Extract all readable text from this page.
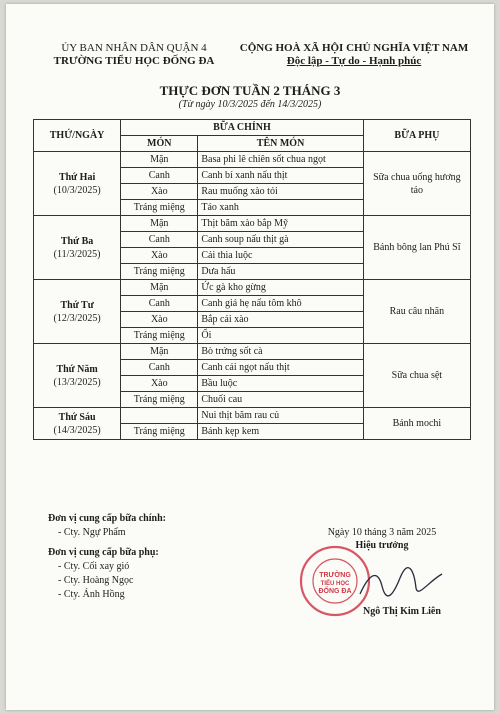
ỦY BAN NHÂN DÂN QUẬN 4
TRƯỜNG TIỂU HỌC ĐỐNG ĐA
CỘNG HOÀ XÃ HỘI CHỦ NGHĨA VIỆT NAM
Độc lập - Tự do - Hạnh phúc
THỰC ĐƠN TUẦN 2 THÁNG 3
(Từ ngày 10/3/2025 đến 14/3/2025)
THỨ/NGÀY	BỮA CHÍNH		BỮA PHỤ
	MÓN	TÊN MÓN	

Thứ Hai
(10/3/2025)	Mặn	Basa phi lê chiên sốt chua ngọt	Sữa chua uống hương táo
	Canh	Canh bí xanh nấu thịt	
	Xào	Rau muống xào tỏi	
	Tráng miệng	Táo xanh	

Thứ Ba
(11/3/2025)	Mặn	Thịt băm xào bắp Mỹ	Bánh bông lan Phú Sĩ
	Canh	Canh soup nấu thịt gà	
	Xào	Cải thìa luộc	
	Tráng miệng	Dưa hấu	

Thứ Tư
(12/3/2025)	Mặn	Ức gà kho gừng	Rau câu nhãn
	Canh	Canh giá hẹ nấu tôm khô	
	Xào	Bắp cải xào	
	Tráng miệng	Ổi	

Thứ Năm
(13/3/2025)	Mặn	Bò trứng sốt cà	Sữa chua sệt
	Canh	Canh cải ngọt nấu thịt	
	Xào	Bầu luộc	
	Tráng miệng	Chuối cau	

Thứ Sáu
(14/3/2025)		Nui thịt băm rau củ	Bánh mochi
	Tráng miệng	Bánh kẹp kem	
Đơn vị cung cấp bữa chính:
- Cty. Ngự Phẩm
Đơn vị cung cấp bữa phụ:
- Cty. Cối xay gió
- Cty. Hoàng Ngọc
- Cty. Ánh Hồng
Ngày 10 tháng 3 năm 2025
Hiệu trưởng
TRƯỜNG
TIỂU HỌC
ĐỐNG ĐA
Ngô Thị Kim Liên
